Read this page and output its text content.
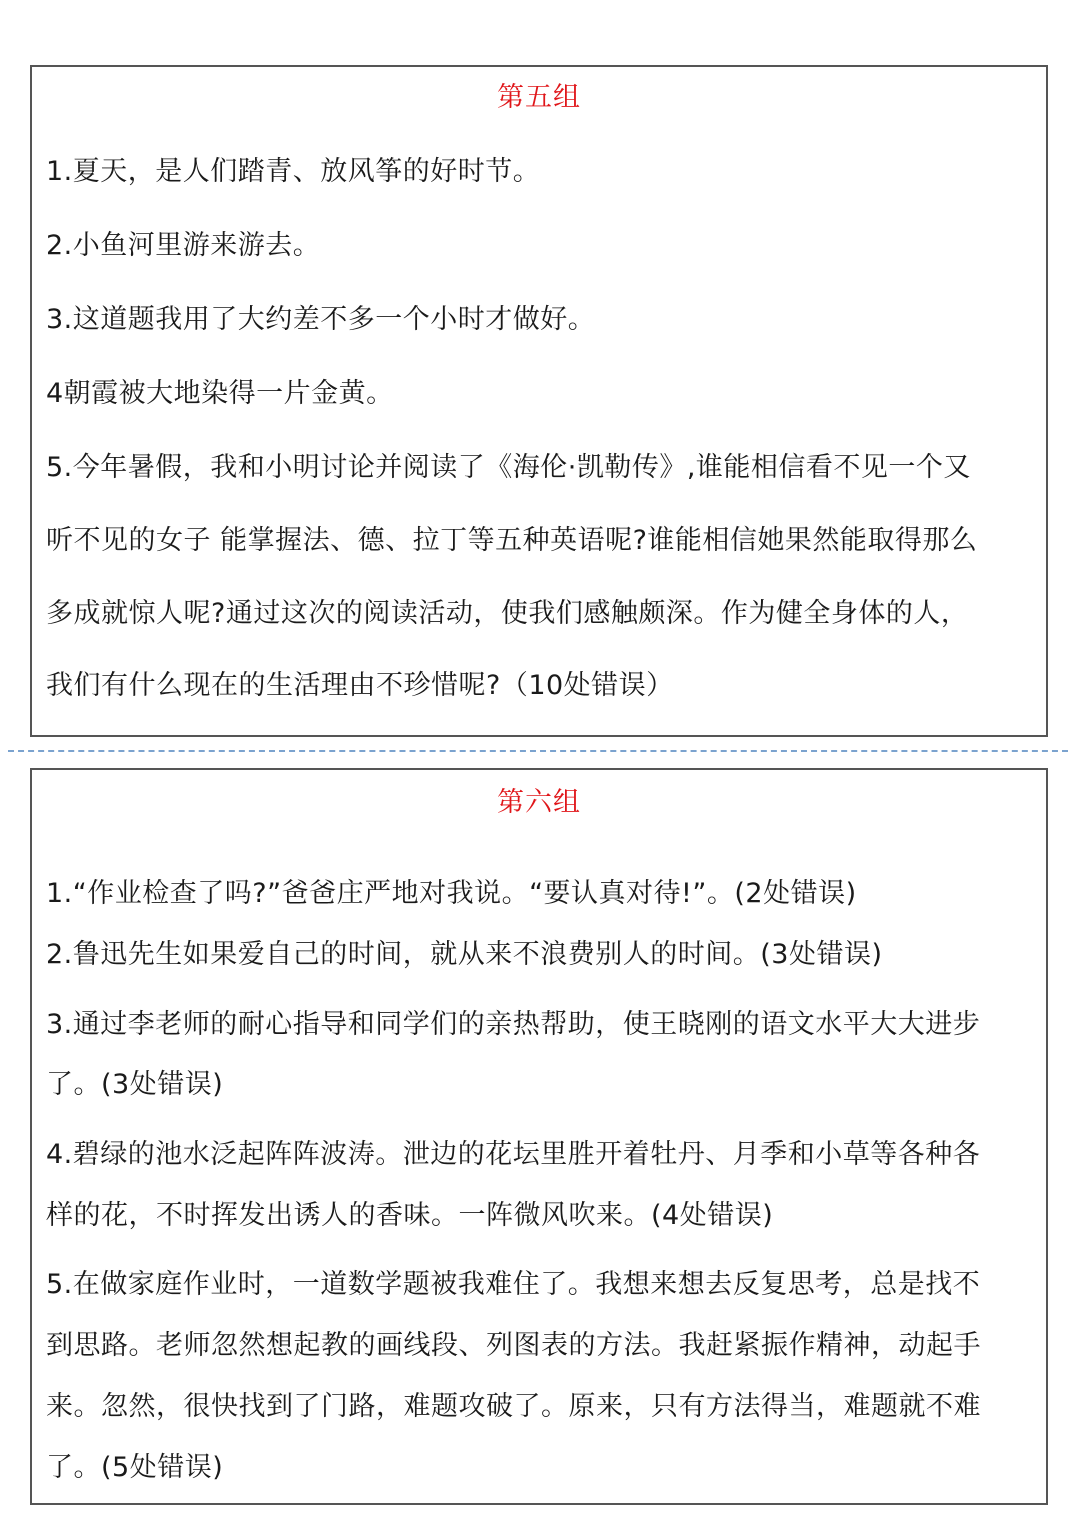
第五组
1.夏天，是人们踏青、放风筝的好时节。
2.小鱼河里游来游去。
3.这道题我用了大约差不多一个小时才做好。
4朝霞被大地染得一片金黄。
5.今年暑假，我和小明讨论并阅读了《海伦·凯勒传》,谁能相信看不见一个又
听不见的女子 能掌握法、德、拉丁等五种英语呢?谁能相信她果然能取得那么
多成就惊人呢?通过这次的阅读活动，使我们感触颇深。作为健全身体的人，
我们有什么现在的生活理由不珍惜呢?（10处错误）
第六组
1.“作业检查了吗?”爸爸庄严地对我说。“要认真对待!”。(2处错误)
2.鲁迅先生如果爱自己的时间，就从来不浪费别人的时间。(3处错误)
3.通过李老师的耐心指导和同学们的亲热帮助，使王晓刚的语文水平大大进步
了。(3处错误)
4.碧绿的池水泛起阵阵波涛。泄边的花坛里胜开着牡丹、月季和小草等各种各
样的花，不时挥发出诱人的香味。一阵微风吹来。(4处错误)
5.在做家庭作业时，一道数学题被我难住了。我想来想去反复思考，总是找不
到思路。老师忽然想起教的画线段、列图表的方法。我赶紧振作精神，动起手
来。忽然，很快找到了门路，难题攻破了。原来，只有方法得当，难题就不难
了。(5处错误)
